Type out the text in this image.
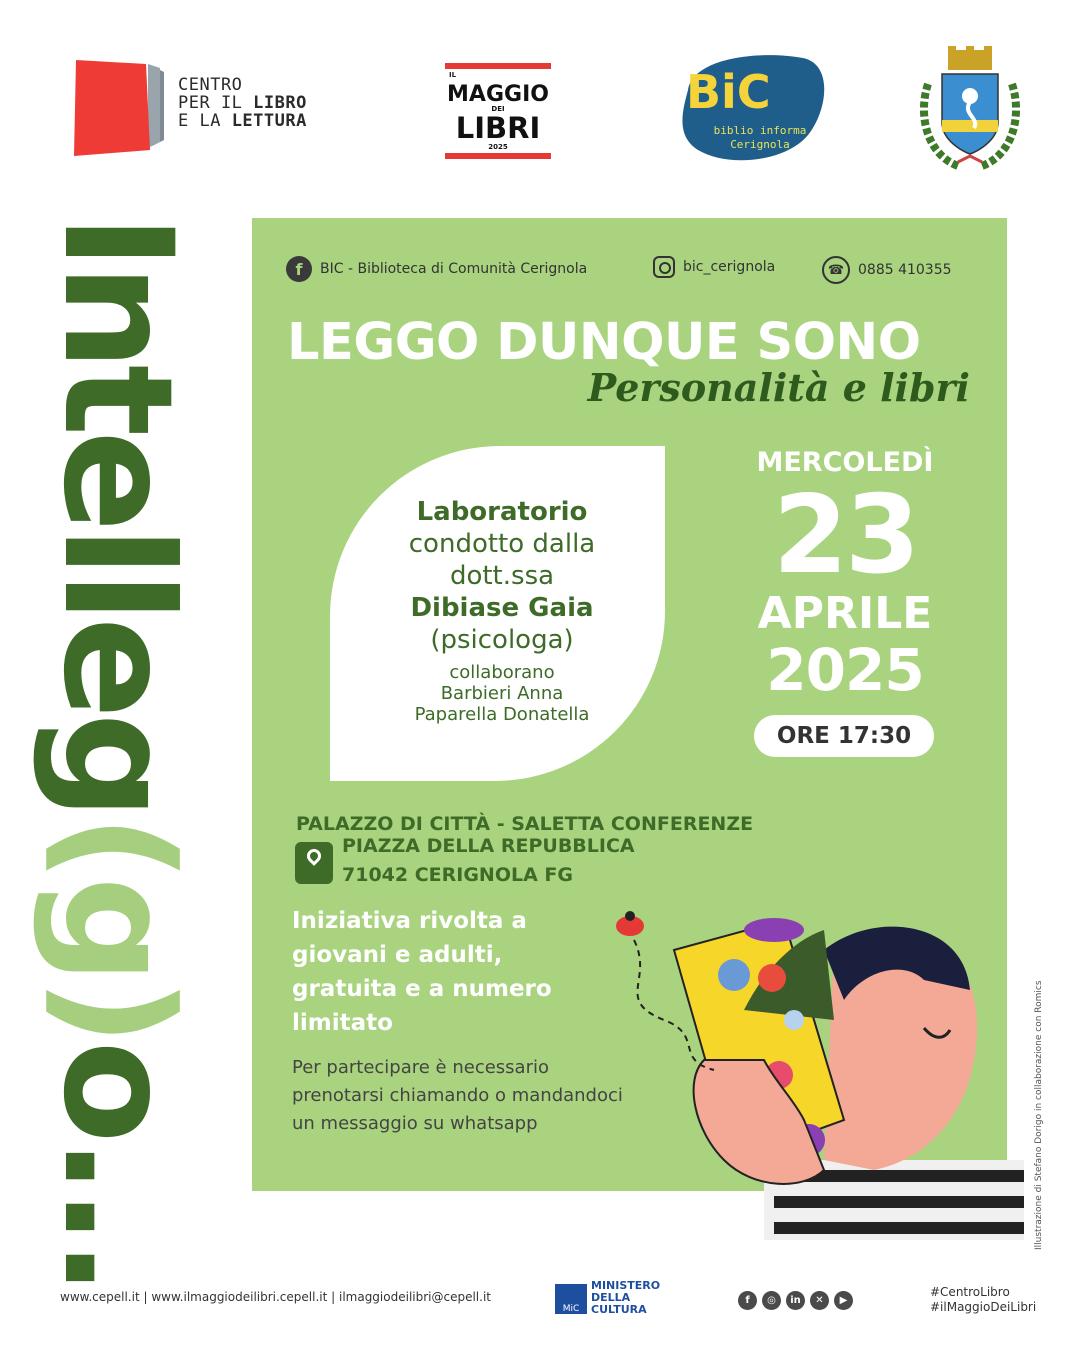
CENTRO
PER IL LIBRO
E LA LETTURA
IL
MAGGIO
DEI
LIBRI
2025
BiC
biblio informa
Cerignola
Intelleg(g)o...
f	BIC - Biblioteca di Comunità Cerignola	bic_cerignola	☎ 0885 410355
LEGGO DUNQUE SONO
Personalità e libri
Laboratorio
condotto dalla
dott.ssa
Dibiase Gaia
(psicologa)
collaborano
Barbieri Anna
Paparella Donatella
MERCOLEDÌ
23
APRILE
2025
ORE 17:30
PALAZZO DI CITTÀ - SALETTA CONFERENZE
PIAZZA DELLA REPUBBLICA
71042 CERIGNOLA FG
Iniziativa rivolta a
giovani e adulti,
gratuita e a numero
limitato
Per partecipare è necessario
prenotarsi chiamando o mandandoci
un messaggio su whatsapp	Illustrazione di Stefano Dorigo in collaborazione con Romics
www.cepell.it | www.ilmaggiodeilibri.cepell.it | ilmaggiodeilibri@cepell.it
MiC
MINISTERO
DELLA
CULTURA
f	◎	in	✕	▶
#CentroLibro
#ilMaggioDeiLibri
